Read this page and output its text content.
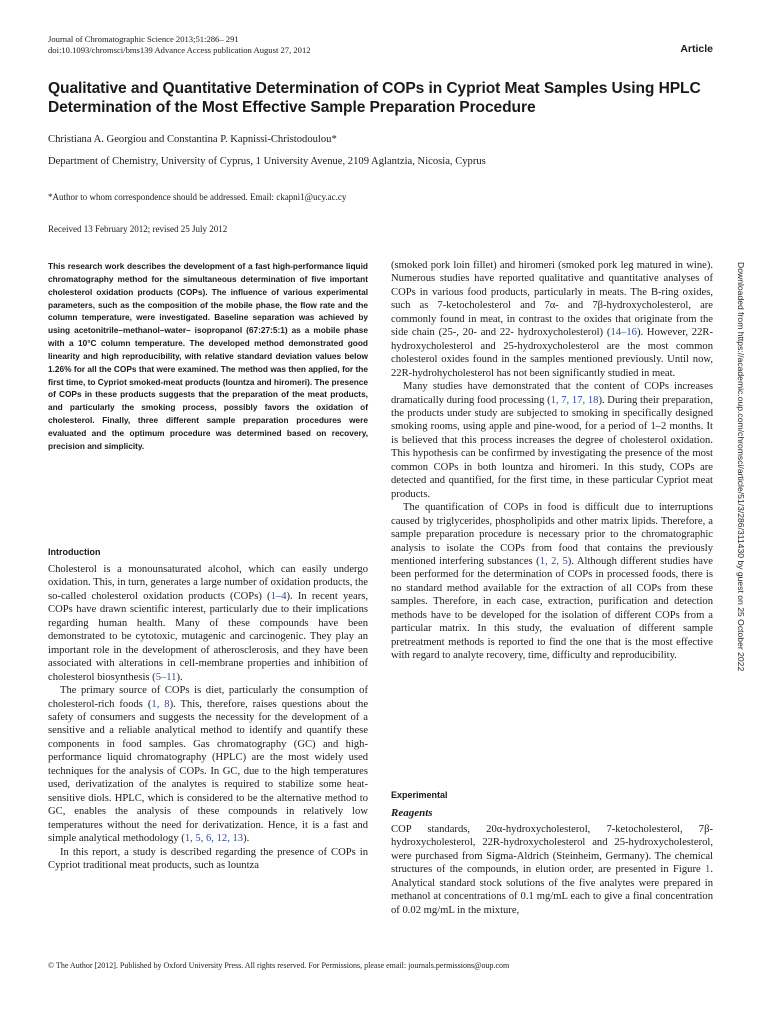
Journal of Chromatographic Science 2013;51:286– 291
doi:10.1093/chromsci/bms139 Advance Access publication August 27, 2012	Article
Qualitative and Quantitative Determination of COPs in Cypriot Meat Samples Using HPLC
Determination of the Most Effective Sample Preparation Procedure
Christiana A. Georgiou and Constantina P. Kapnissi-Christodoulou*
Department of Chemistry, University of Cyprus, 1 University Avenue, 2109 Aglantzia, Nicosia, Cyprus
*Author to whom correspondence should be addressed. Email: ckapni1@ucy.ac.cy
Received 13 February 2012; revised 25 July 2012
This research work describes the development of a fast high-performance liquid chromatography method for the simultaneous determination of five important cholesterol oxidation products (COPs). The influence of various experimental parameters, such as the composition of the mobile phase, the flow rate and the column temperature, were investigated. Baseline separation was achieved by using acetonitrile–methanol–water– isopropanol (67:27:5:1) as a mobile phase with a 10°C column temperature. The developed method demonstrated good linearity and high reproducibility, with relative standard deviation values below 1.26% for all the COPs that were examined. The method was then applied, for the first time, to Cypriot smoked-meat products (lountza and hiromeri). The presence of COPs in these products suggests that the preparation of the meat products, and particularly the smoking process, possibly favors the oxidation of cholesterol. Finally, three different sample preparation procedures were evaluated and the optimum procedure was determined based on recovery, precision and simplicity.
Introduction

Cholesterol is a monounsaturated alcohol, which can easily undergo oxidation. This, in turn, generates a large number of oxidation products, the so-called cholesterol oxidation products (COPs) (1–4). In recent years, COPs have drawn scientific interest, particularly due to their implications regarding human health. Many of these compounds have been demonstrated to be cytotoxic, mutagenic and carcinogenic. They play an important role in the development of atherosclerosis, and they have been associated with alterations in cell-membrane properties and inhibition of cholesterol biosynthesis (5–11).

The primary source of COPs is diet, particularly the consumption of cholesterol-rich foods (1, 8). This, therefore, raises questions about the safety of consumers and suggests the necessity for the development of a sensitive and a reliable analytical method to identify and quantify these components in food samples. Gas chromatography (GC) and high-performance liquid chromatography (HPLC) are the most widely used techniques for the analysis of COPs. In GC, due to the high temperatures used, derivatization of the analytes is required to stabilize some heat-sensitive diols. HPLC, which is considered to be the alternative method to GC, enables the analysis of these compounds in relatively low temperatures without the need for derivatization. Hence, it is a fast and simple analytical methodology (1, 5, 6, 12, 13).

In this report, a study is described regarding the presence of COPs in Cypriot traditional meat products, such as lountza

(smoked pork loin fillet) and hiromeri (smoked pork leg matured in wine). Numerous studies have reported qualitative and quantitative analyses of COPs in various food products, particularly in meats. The B-ring oxides, such as 7-ketocholesterol and 7α- and 7β-hydroxycholesterol, are commonly found in meat, in contrast to the oxides that originate from the side chain (25-, 20- and 22- hydroxycholesterol) (14–16). However, 22R-hydroxycholesterol and 25-hydroxycholesterol are the most common cholesterol oxides found in the samples mentioned previously. Until now, 22R-hydrohycholesterol has not been significantly studied in meat.

Many studies have demonstrated that the content of COPs increases dramatically during food processing (1, 7, 17, 18). During their preparation, the products under study are subjected to smoking in specifically designed smoking rooms, using apple and pine-wood, for a period of 1–2 months. It is believed that this process increases the degree of cholesterol oxidation. This hypothesis can be confirmed by investigating the presence of the most common COPs in both lountza and hiromeri. In this study, COPs are detected and quantified, for the first time, in these particular Cypriot meat products.

The quantification of COPs in food is difficult due to interruptions caused by triglycerides, phospholipids and other matrix lipids. Therefore, a sample preparation procedure is necessary prior to the chromatographic analysis to isolate the COPs from food that contains the previously mentioned interfering substances (1, 2, 5). Although different studies have been performed for the determination of COPs in processed foods, there is no standard method available for the extraction of all COPs from these samples. Therefore, in each case, extraction, purification and detection methods have to be developed for the isolation of different COPs from a particular matrix. In this study, the evaluation of different sample pretreatment methods is reported to find the one that is the most effective with regard to analyte recovery, time, difficulty and reproducibility.

Experimental
Reagents

COP standards, 20α-hydroxycholesterol, 7-ketocholesterol, 7β-hydroxycholesterol, 22R-hydroxycholesterol and 25-hydroxycholesterol, were purchased from Sigma-Aldrich (Steinheim, Germany). The chemical structures of the compounds, in elution order, are presented in Figure 1. Analytical standard stock solutions of the five analytes were prepared in methanol at concentrations of 0.1 mg/mL each to give a final concentration of 0.02 mg/mL in the mixture,

Downloaded from https://academic.oup.com/chromsci/article/51/3/286/311430 by guest on 25 October 2022
© The Author [2012]. Published by Oxford University Press. All rights reserved. For Permissions, please email: journals.permissions@oup.com
